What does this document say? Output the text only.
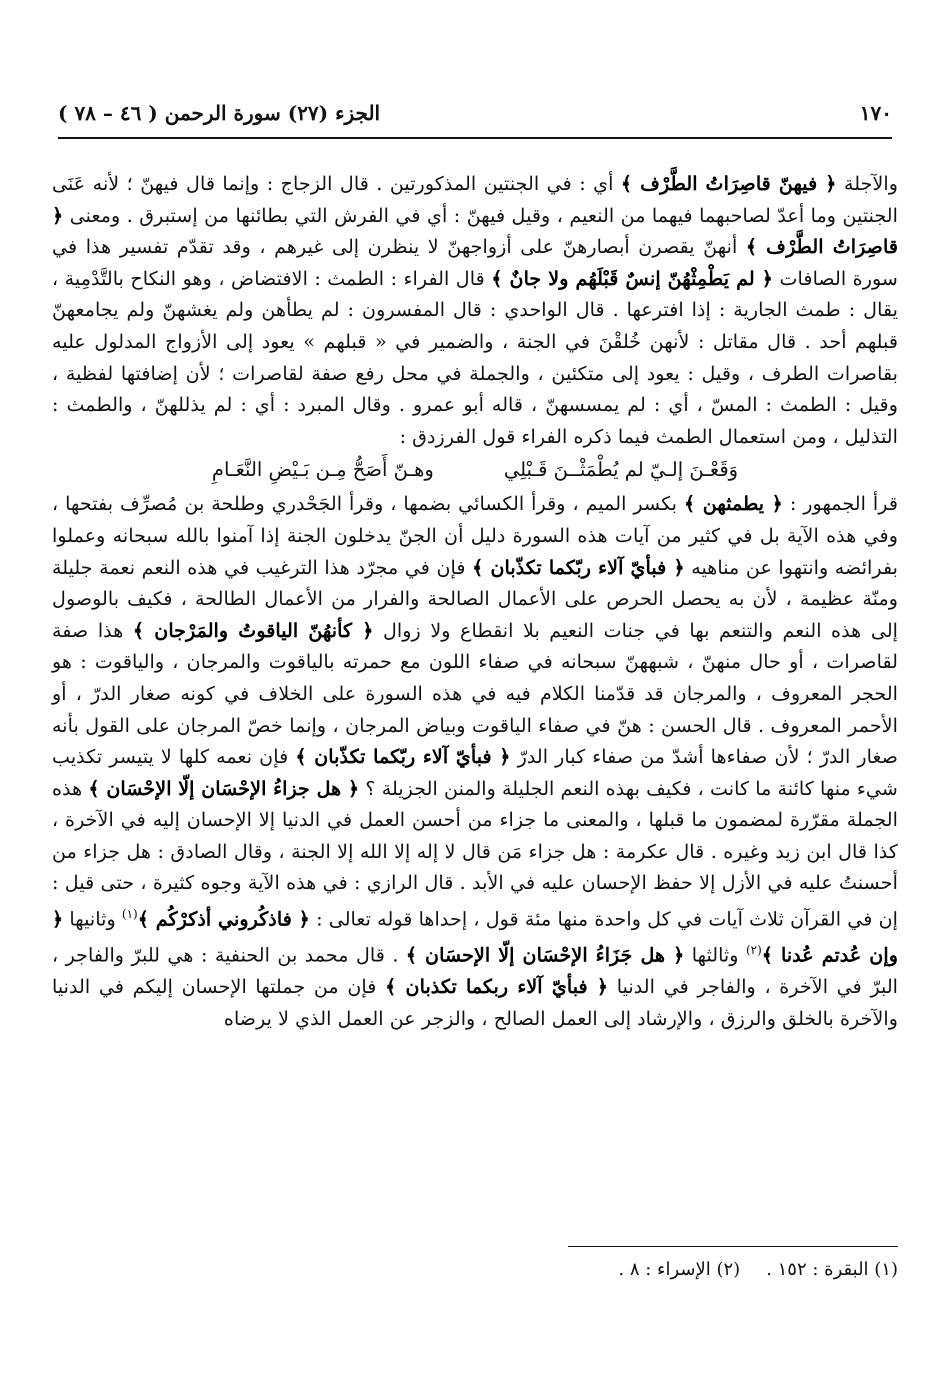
١٧٠
الجزء (٢٧) سورة الرحمن ( ٤٦ – ٧٨ )

والآجلة ﴿ فيهنّ قاصِرَاتُ الطَّرْف ﴾ أي : في الجنتين المذكورتين . قال الزجاج : وإنما قال فيهنّ ؛ لأنه عَنَى الجنتين وما أعدّ لصاحبهما فيهما من النعيم ، وقيل فيهنّ : أي في الفرش التي بطائنها من إستبرق . ومعنى ﴿ قاصِرَاتُ الطَّرْف ﴾ أنهنّ يقصرن أبصارهنّ على أزواجهنّ لا ينظرن إلى غيرهم ، وقد تقدّم تفسير هذا في سورة الصافات ﴿ لم يَطْمِثْهُنّ إنسٌ قَبْلَهُم ولا جانٌ ﴾ قال الفراء : الطمث : الافتضاض ، وهو النكاح بالتَّدْمِية ، يقال : طمث الجارية : إذا افترعها . قال الواحدي : قال المفسرون : لم يطأهن ولم يغشهنّ ولم يجامعهنّ قبلهم أحد . قال مقاتل : لأنهن خُلقْنَ في الجنة ، والضمير في « قبلهم » يعود إلى الأزواج المدلول عليه بقاصرات الطرف ، وقيل : يعود إلى متكئين ، والجملة في محل رفع صفة لقاصرات ؛ لأن إضافتها لفظية ، وقيل : الطمث : المسّ ، أي : لم يمسسهنّ ، قاله أبو عمرو . وقال المبرد : أي : لم يذللهنّ ، والطمث : التذليل ، ومن استعمال الطمث فيما ذكره الفراء قول الفرزدق :

وَقَعْـنَ إلـيّ لم يُطْمَثْــنَ قَـبْلِي
وهـنّ أَصَحُّ مِـن بَـيْضِ النَّعَـامِ

قرأ الجمهور : ﴿ يطمثهن ﴾ بكسر الميم ، وقرأ الكسائي بضمها ، وقرأ الجَحْدري وطلحة بن مُصرِّف بفتحها ، وفي هذه الآية بل في كثير من آيات هذه السورة دليل أن الجنّ يدخلون الجنة إذا آمنوا بالله سبحانه وعملوا بفرائضه وانتهوا عن مناهيه ﴿ فبأيّ آلاء ربّكما تكذّبان ﴾ فإن في مجرّد هذا الترغيب في هذه النعم نعمة جليلة ومنّة عظيمة ، لأن به يحصل الحرص على الأعمال الصالحة والفرار من الأعمال الطالحة ، فكيف بالوصول إلى هذه النعم والتنعم بها في جنات النعيم بلا انقطاع ولا زوال ﴿ كأنهُنّ الياقوتُ والمَرْجان ﴾ هذا صفة لقاصرات ، أو حال منهنّ ، شبههنّ سبحانه في صفاء اللون مع حمرته بالياقوت والمرجان ، والياقوت : هو الحجر المعروف ، والمرجان قد قدّمنا الكلام فيه في هذه السورة على الخلاف في كونه صغار الدرّ ، أو الأحمر المعروف . قال الحسن : هنّ في صفاء الياقوت وبياض المرجان ، وإنما خصّ المرجان على القول بأنه صغار الدرّ ؛ لأن صفاءها أشدّ من صفاء كبار الدرّ ﴿ فبأيّ آلاء ربّكما تكذّبان ﴾ فإن نعمه كلها لا يتيسر تكذيب شيء منها كائنة ما كانت ، فكيف بهذه النعم الجليلة والمنن الجزيلة ؟ ﴿ هل جزاءُ الإحْسَان إلّا الإحْسَان ﴾ هذه الجملة مقرّرة لمضمون ما قبلها ، والمعنى ما جزاء من أحسن العمل في الدنيا إلا الإحسان إليه في الآخرة ، كذا قال ابن زيد وغيره . قال عكرمة : هل جزاء مَن قال لا إله إلا الله إلا الجنة ، وقال الصادق : هل جزاء من أحسنتُ عليه في الأزل إلا حفظ الإحسان عليه في الأبد . قال الرازي : في هذه الآية وجوه كثيرة ، حتى قيل : إن في القرآن ثلاث آيات في كل واحدة منها مئة قول ، إحداها قوله تعالى : ﴿ فاذكُروني أذكرْكُم ﴾$^{(١)}$ وثانيها ﴿ وإن عُدتم عُدنا ﴾$^{(٢)}$ وثالثها ﴿ هل جَزَاءُ الإحْسَان إلّا الإحسَان ﴾ . قال محمد بن الحنفية : هي للبرّ والفاجر ، البرّ في الآخرة ، والفاجر في الدنيا ﴿ فبأيّ آلاء ربكما تكذبان ﴾ فإن من جملتها الإحسان إليكم في الدنيا والآخرة بالخلق والرزق ، والإرشاد إلى العمل الصالح ، والزجر عن العمل الذي لا يرضاه

(١) البقرة : ١٥٢ .
(٢) الإسراء : ٨ .
